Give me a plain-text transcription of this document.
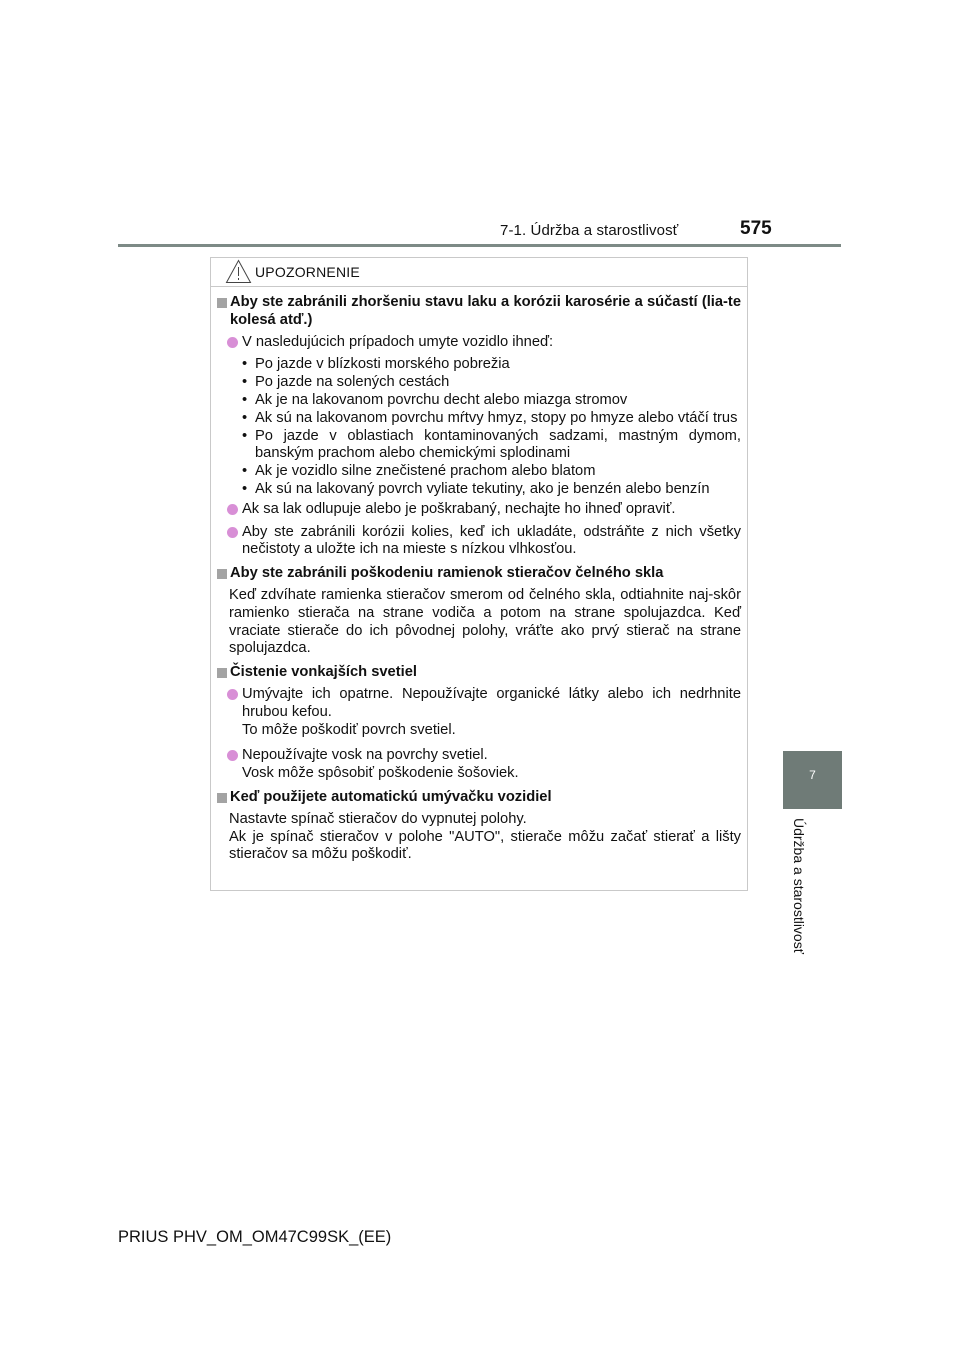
7-1. Údržba a starostlivosť	575
7
Údržba a starostlivosť
UPOZORNENIE
Aby ste zabránili zhoršeniu stavu laku a korózii karosérie a súčastí (lia-te kolesá atď.)
V nasledujúcich prípadoch umyte vozidlo ihneď:
• Po jazde v blízkosti morského pobrežia
• Po jazde na solených cestách
• Ak je na lakovanom povrchu decht alebo miazga stromov
• Ak sú na lakovanom povrchu mŕtvy hmyz, stopy po hmyze alebo vtáčí trus
• Po jazde v oblastiach kontaminovaných sadzami, mastným dymom, banským prachom alebo chemickými splodinami
• Ak je vozidlo silne znečistené prachom alebo blatom
• Ak sú na lakovaný povrch vyliate tekutiny, ako je benzén alebo benzín
Ak sa lak odlupuje alebo je poškrabaný, nechajte ho ihneď opraviť.
Aby ste zabránili korózii kolies, keď ich ukladáte, odstráňte z nich všetky nečistoty a uložte ich na mieste s nízkou vlhkosťou.
Aby ste zabránili poškodeniu ramienok stieračov čelného skla
Keď zdvíhate ramienka stieračov smerom od čelného skla, odtiahnite naj-skôr ramienko stierača na strane vodiča a potom na strane spolujazdca. Keď vraciate stierače do ich pôvodnej polohy, vráťte ako prvý stierač na strane spolujazdca.
Čistenie vonkajších svetiel
Umývajte ich opatrne. Nepoužívajte organické látky alebo ich nedrhnite hrubou kefou.
To môže poškodiť povrch svetiel.
Nepoužívajte vosk na povrchy svetiel.
Vosk môže spôsobiť poškodenie šošoviek.
Keď použijete automatickú umývačku vozidiel
Nastavte spínač stieračov do vypnutej polohy.
Ak je spínač stieračov v polohe "AUTO", stierače môžu začať stierať a lišty stieračov sa môžu poškodiť.
PRIUS PHV_OM_OM47C99SK_(EE)
